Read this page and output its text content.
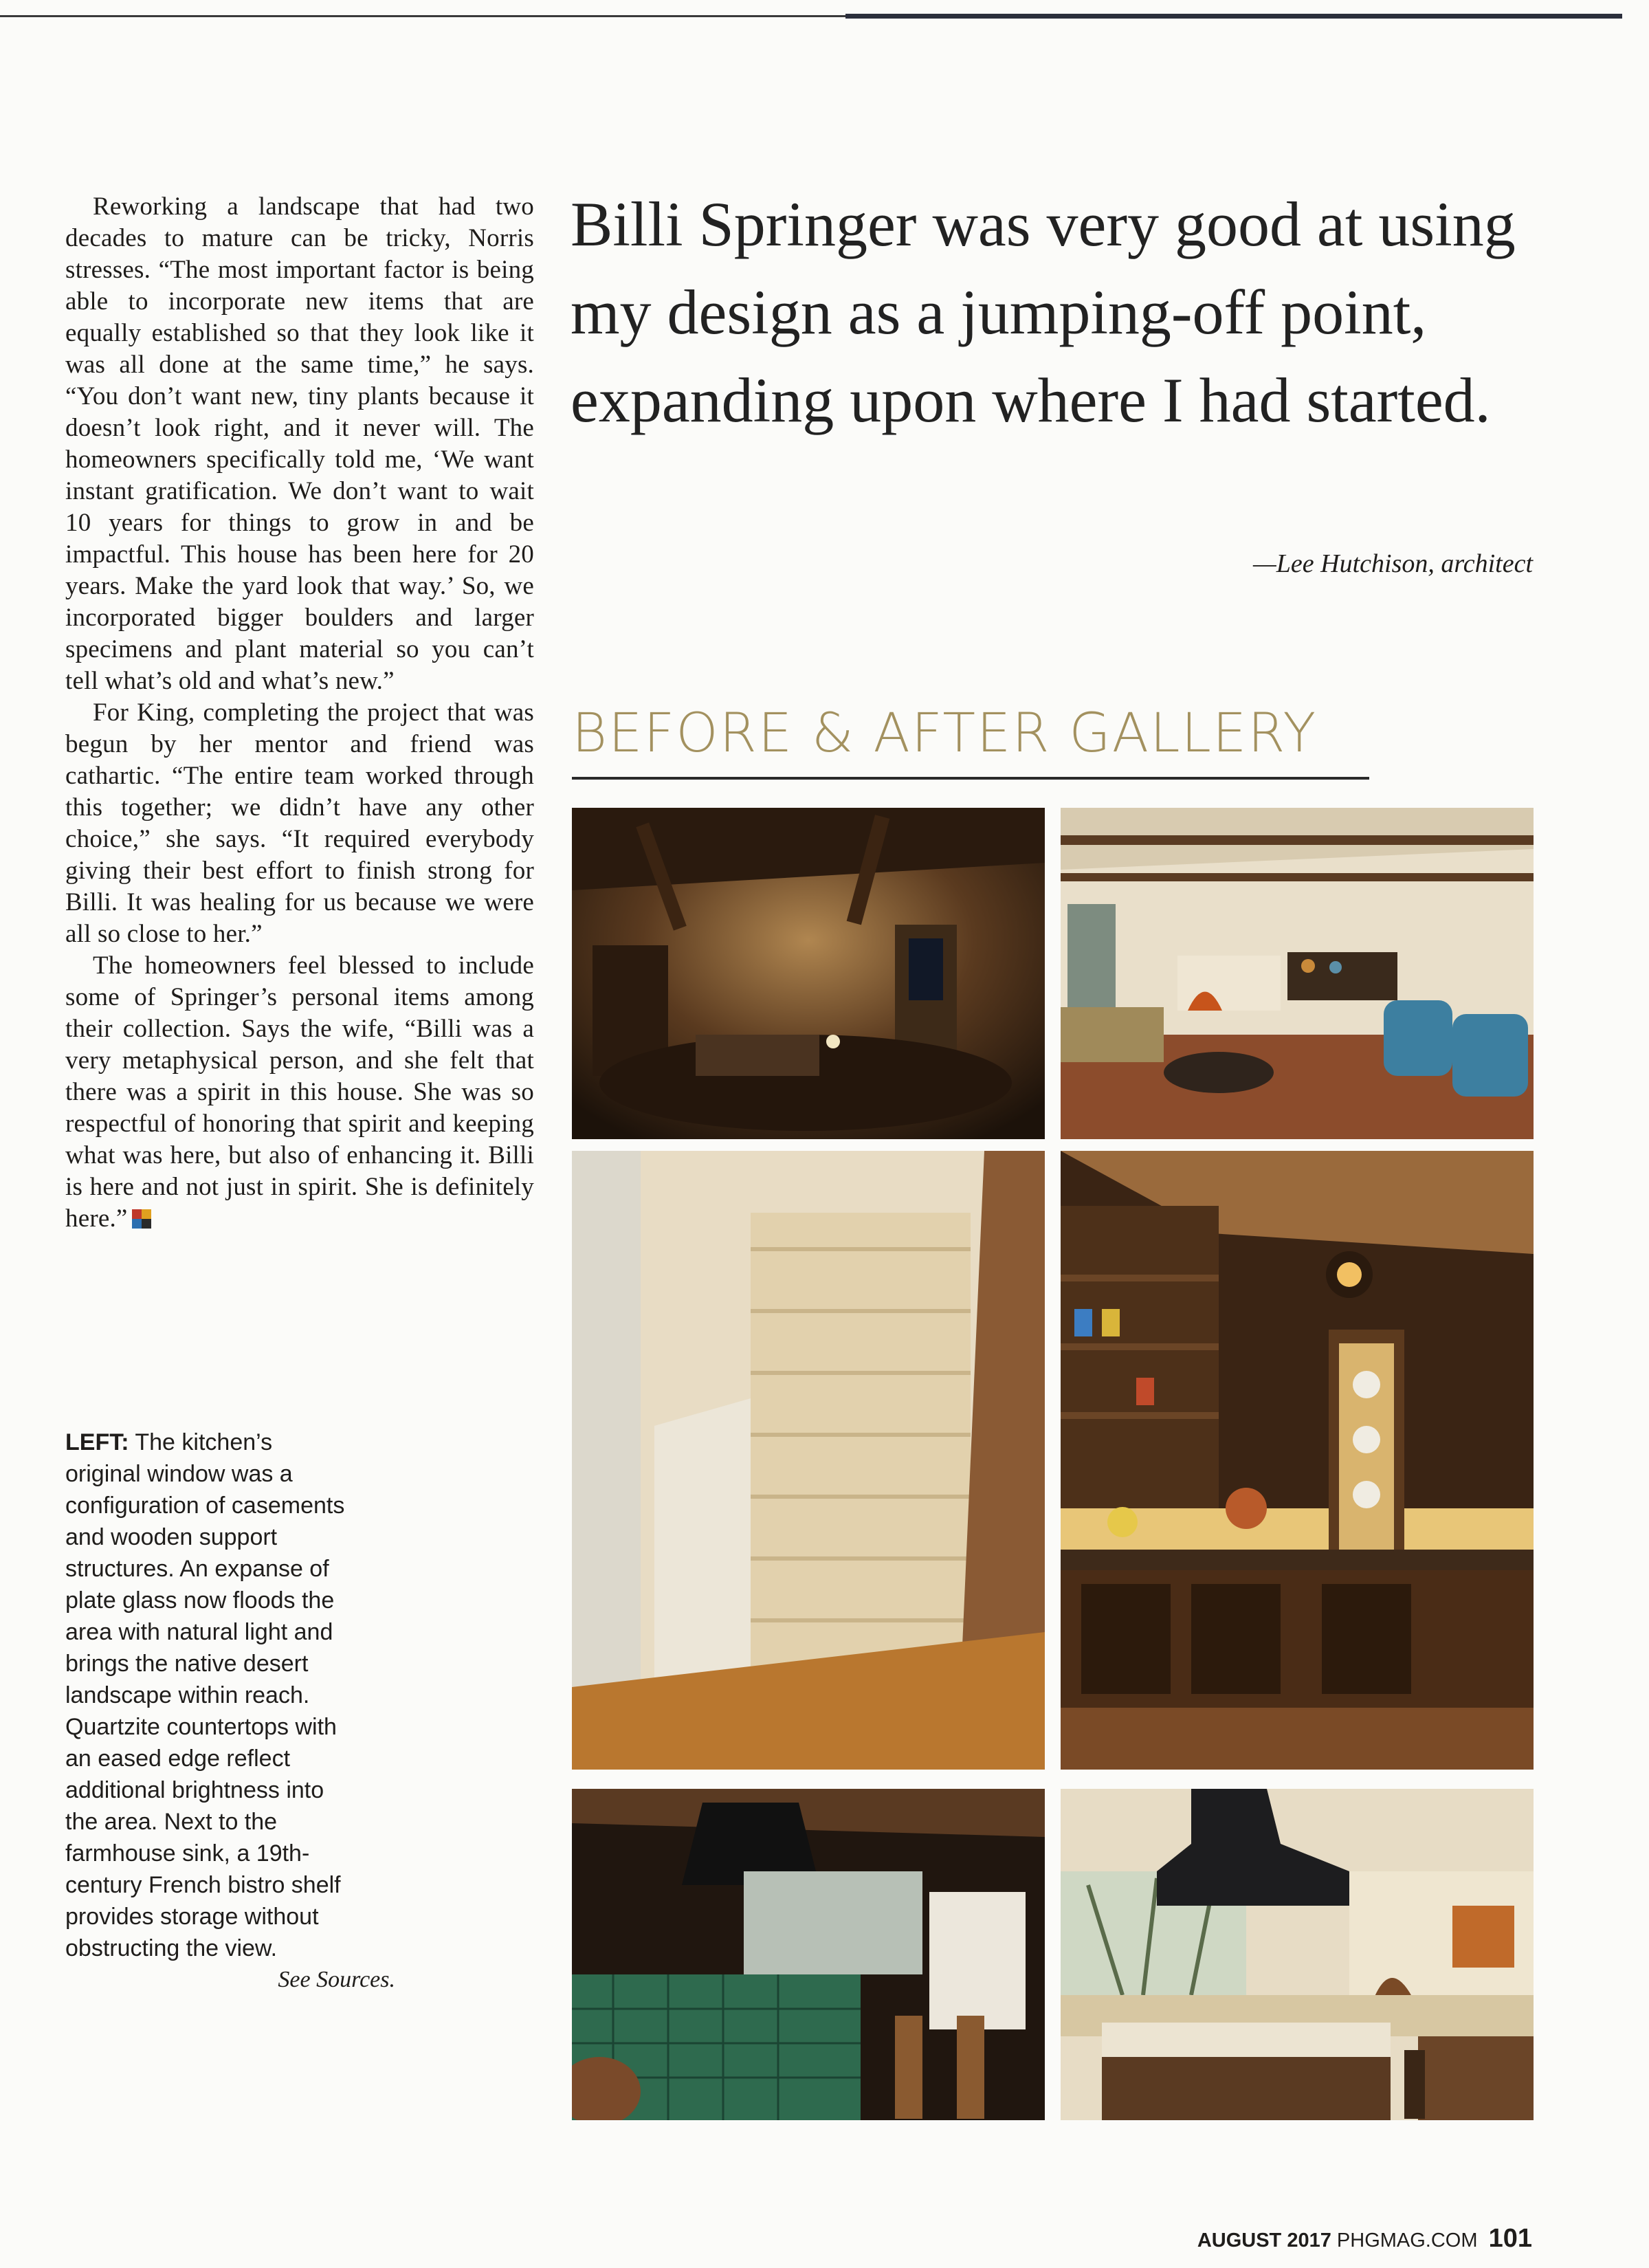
Reworking a landscape that had two decades to mature can be tricky, Norris stresses. “The most important factor is being able to incorporate new items that are equally established so that they look like it was all done at the same time,” he says. “You don’t want new, tiny plants because it doesn’t look right, and it never will. The homeowners specifically told me, ‘We want instant gratification. We don’t want to wait 10 years for things to grow in and be impactful. This house has been here for 20 years. Make the yard look that way.’ So, we incorporated bigger boulders and larger specimens and plant material so you can’t tell what’s old and what’s new.”

For King, completing the project that was begun by her mentor and friend was cathartic. “The entire team worked through this together; we didn’t have any other choice,” she says. “It required everybody giving their best effort to finish strong for Billi. It was healing for us because we were all so close to her.”

The homeowners feel blessed to include some of Springer’s personal items among their collection. Says the wife, “Billi was a very metaphysical person, and she felt that there was a spirit in this house. She was so respectful of honoring that spirit and keeping what was here, but also of enhancing it. Billi is here and not just in spirit. She is definitely here.”

Billi Springer was very good at using my design as a jumping-off point, expanding upon where I had started.
—Lee Hutchison, architect
BEFORE & AFTER GALLERY
LEFT: The kitchen’s original window was a configuration of casements and wooden support structures. An expanse of plate glass now floods the area with natural light and brings the native desert landscape within reach. Quartzite countertops with an eased edge reflect additional brightness into the area. Next to the farmhouse sink, a 19th-century French bistro shelf provides storage without obstructing the view.
See Sources.
AUGUST 2017 PHGMAG.COM 101
